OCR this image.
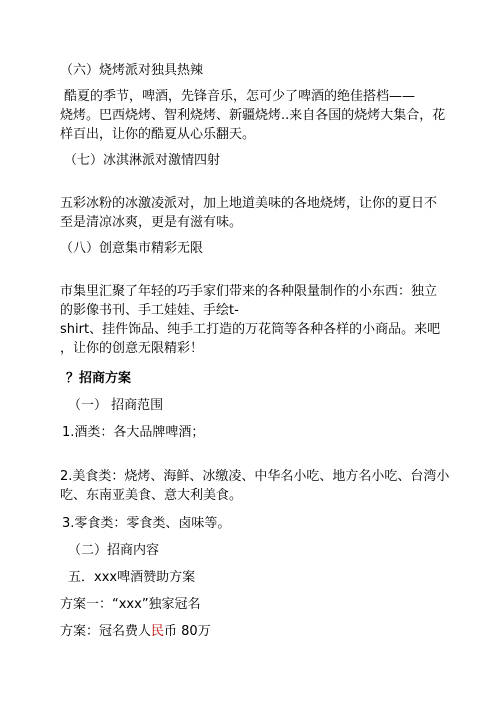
（六）烧烤派对独具热辣
酷夏的季节，啤酒，先锋音乐，怎可少了啤酒的绝佳搭档——
烧烤。巴西烧烤、智利烧烤、新疆烧烤..来自各国的烧烤大集合，花
样百出，让你的酷夏从心乐翻天。
（七）冰淇淋派对激情四射
五彩冰粉的冰激凌派对，加上地道美味的各地烧烤，让你的夏日不
至是清凉冰爽，更是有滋有味。
（八）创意集市精彩无限
市集里汇聚了年轻的巧手家们带来的各种限量制作的小东西：独立
的影像书刊、手工娃娃、手绘t-
shirt、挂件饰品、纯手工打造的万花筒等各种各样的小商品。来吧
，让你的创意无限精彩！
？招商方案
（一） 招商范围
1.酒类：各大品牌啤酒；
2.美食类：烧烤、海鲜、冰缴凌、中华名小吃、地方名小吃、台湾小
吃、东南亚美食、意大利美食。
3.零食类：零食类、卤味等。
（二）招商内容
五．xxx啤酒赞助方案
方案一：“xxx”独家冠名
方案：冠名费人民币 80万
